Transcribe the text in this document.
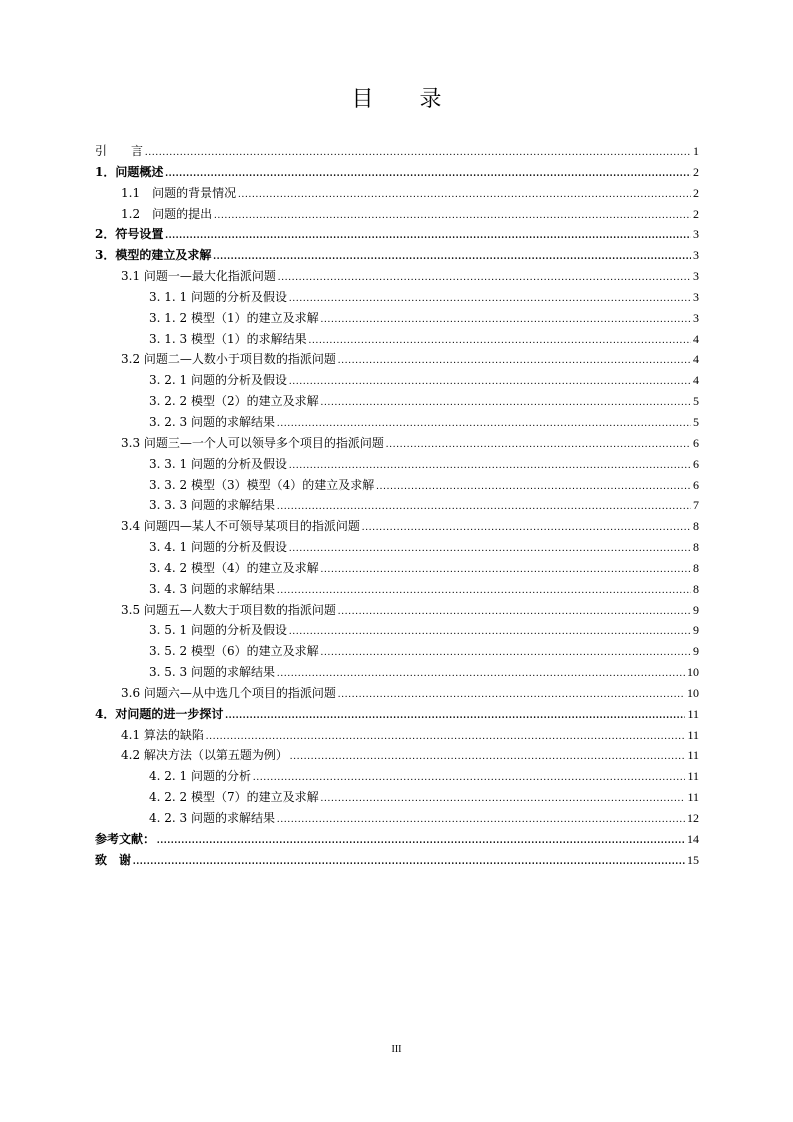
目 录
引　　言 .....	1
1．问题概述 .....	2
1.1　问题的背景情况 .....	2
1.2　问题的提出 .....	2
2．符号设置 .....	3
3．模型的建立及求解 .....	3
3.1 问题一—最大化指派问题 .....	3
3. 1. 1 问题的分析及假设 .....	3
3. 1. 2 模型（1）的建立及求解 .....	3
3. 1. 3 模型（1）的求解结果 .....	4
3.2 问题二—人数小于项目数的指派问题 .....	4
3. 2. 1 问题的分析及假设 .....	4
3. 2. 2 模型（2）的建立及求解 .....	5
3. 2. 3 问题的求解结果 .....	5
3.3 问题三—一个人可以领导多个项目的指派问题 .....	6
3. 3. 1 问题的分析及假设 .....	6
3. 3. 2 模型（3）模型（4）的建立及求解 .....	6
3. 3. 3 问题的求解结果 .....	7
3.4 问题四—某人不可领导某项目的指派问题 .....	8
3. 4. 1 问题的分析及假设 .....	8
3. 4. 2 模型（4）的建立及求解 .....	8
3. 4. 3 问题的求解结果 .....	8
3.5 问题五—人数大于项目数的指派问题 .....	9
3. 5. 1 问题的分析及假设 .....	9
3. 5. 2 模型（6）的建立及求解 .....	9
3. 5. 3 问题的求解结果 .....	10
3.6 问题六—从中选几个项目的指派问题 .....	10
4．对问题的进一步探讨 .....	11
4.1 算法的缺陷 .....	11
4.2 解决方法（以第五题为例） .....	11
4. 2. 1 问题的分析 .....	11
4. 2. 2 模型（7）的建立及求解 .....	11
4. 2. 3 问题的求解结果 .....	12
参考文献： .....	14
致　谢 .....	15
III
